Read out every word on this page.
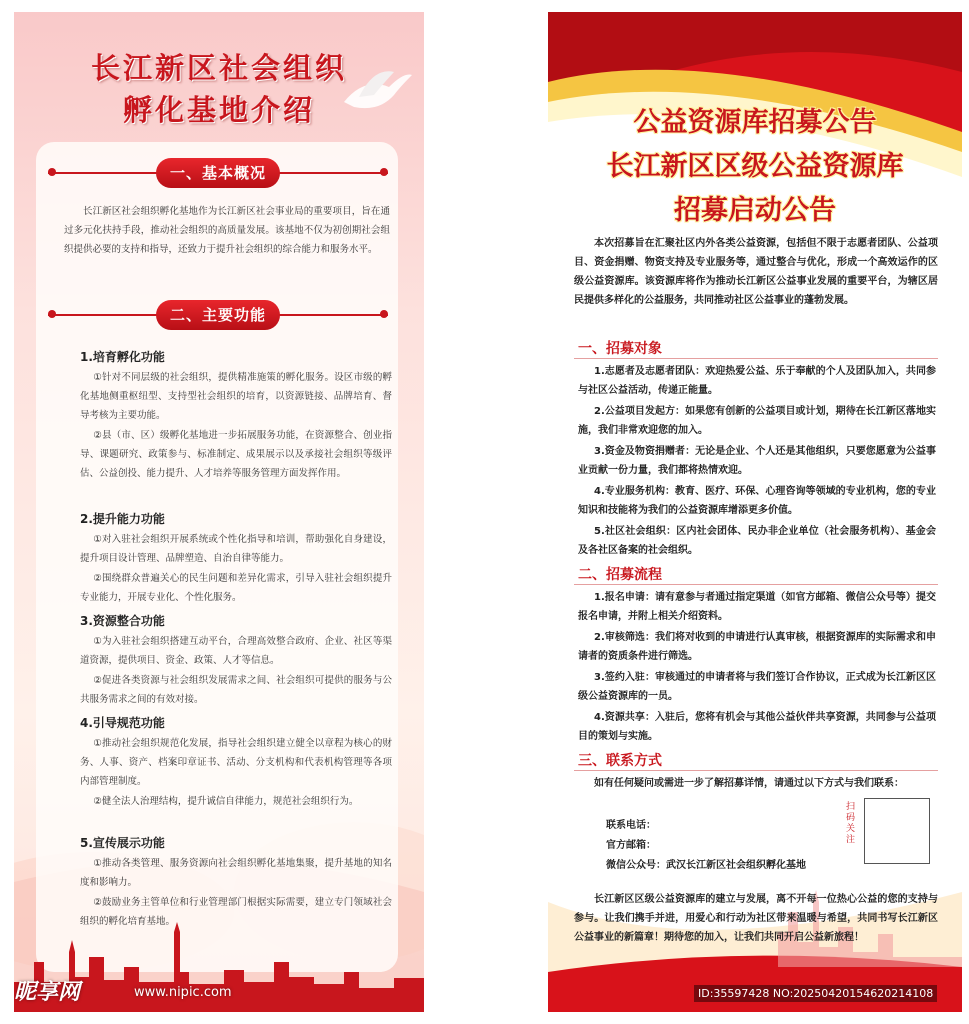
长江新区社会组织
孵化基地介绍
一、基本概况
长江新区社会组织孵化基地作为长江新区社会事业局的重要项目，旨在通过多元化扶持手段，推动社会组织的高质量发展。该基地不仅为初创期社会组织提供必要的支持和指导，还致力于提升社会组织的综合能力和服务水平。
二、主要功能
1.培育孵化功能
①针对不同层级的社会组织，提供精准施策的孵化服务。设区市级的孵化基地侧重枢纽型、支持型社会组织的培育，以资源链接、品牌培育、督导考核为主要功能。
②县（市、区）级孵化基地进一步拓展服务功能，在资源整合、创业指导、课题研究、政策参与、标准制定、成果展示以及承接社会组织等级评估、公益创投、能力提升、人才培养等服务管理方面发挥作用。
2.提升能力功能
①对入驻社会组织开展系统或个性化指导和培训，帮助强化自身建设，提升项目设计管理、品牌塑造、自治自律等能力。
②围绕群众普遍关心的民生问题和差异化需求，引导入驻社会组织提升专业能力，开展专业化、个性化服务。
3.资源整合功能
①为入驻社会组织搭建互动平台，合理高效整合政府、企业、社区等渠道资源，提供项目、资金、政策、人才等信息。
②促进各类资源与社会组织发展需求之间、社会组织可提供的服务与公共服务需求之间的有效对接。
4.引导规范功能
①推动社会组织规范化发展，指导社会组织建立健全以章程为核心的财务、人事、资产、档案印章证书、活动、分支机构和代表机构管理等各项内部管理制度。
②健全法人治理结构，提升诚信自律能力，规范社会组织行为。
5.宣传展示功能
①推动各类管理、服务资源向社会组织孵化基地集聚，提升基地的知名度和影响力。
②鼓励业务主管单位和行业管理部门根据实际需要，建立专门领域社会组织的孵化培育基地。
昵享网	www.nipic.com
公益资源库招募公告
长江新区区级公益资源库
招募启动公告
本次招募旨在汇聚社区内外各类公益资源，包括但不限于志愿者团队、公益项目、资金捐赠、物资支持及专业服务等，通过整合与优化，形成一个高效运作的区级公益资源库。该资源库将作为推动长江新区公益事业发展的重要平台，为辖区居民提供多样化的公益服务，共同推动社区公益事业的蓬勃发展。
一、招募对象
1.志愿者及志愿者团队：欢迎热爱公益、乐于奉献的个人及团队加入，共同参与社区公益活动，传递正能量。
2.公益项目发起方：如果您有创新的公益项目或计划，期待在长江新区落地实施，我们非常欢迎您的加入。
3.资金及物资捐赠者：无论是企业、个人还是其他组织，只要您愿意为公益事业贡献一份力量，我们都将热情欢迎。
4.专业服务机构：教育、医疗、环保、心理咨询等领域的专业机构，您的专业知识和技能将为我们的公益资源库增添更多价值。
5.社区社会组织：区内社会团体、民办非企业单位（社会服务机构）、基金会及各社区备案的社会组织。
二、招募流程
1.报名申请：请有意参与者通过指定渠道（如官方邮箱、微信公众号等）提交报名申请，并附上相关介绍资料。
2.审核筛选：我们将对收到的申请进行认真审核，根据资源库的实际需求和申请者的资质条件进行筛选。
3.签约入驻：审核通过的申请者将与我们签订合作协议，正式成为长江新区区级公益资源库的一员。
4.资源共享：入驻后，您将有机会与其他公益伙伴共享资源，共同参与公益项目的策划与实施。
三、联系方式
如有任何疑问或需进一步了解招募详情，请通过以下方式与我们联系：
联系电话：
官方邮箱：
微信公众号：武汉长江新区社会组织孵化基地
扫码关注
长江新区区级公益资源库的建立与发展，离不开每一位热心公益的您的支持与参与。让我们携手并进，用爱心和行动为社区带来温暖与希望，共同书写长江新区公益事业的新篇章！期待您的加入，让我们共同开启公益新旅程！
ID:35597428 NO:20250420154620214108
